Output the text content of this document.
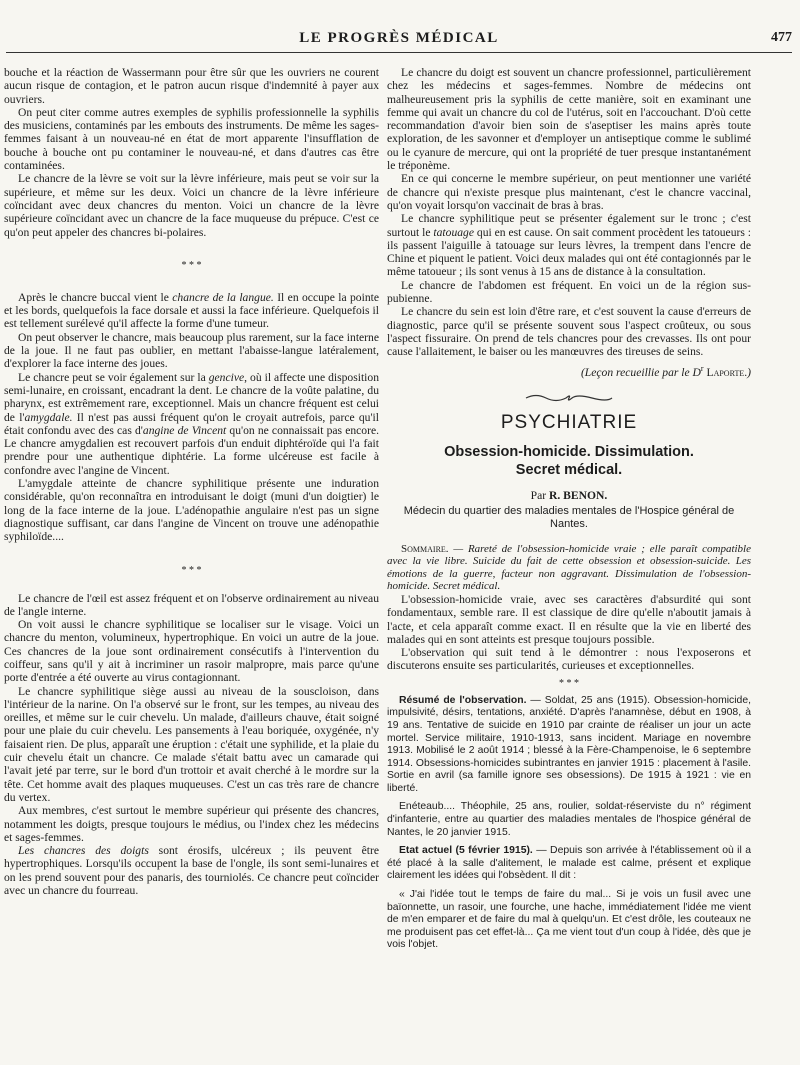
LE PROGRÈS MÉDICAL	477

bouche et la réaction de Wassermann pour être sûr que les ouvriers ne courent aucun risque de contagion, et le patron aucun risque d'indemnité à payer aux ouvriers.

On peut citer comme autres exemples de syphilis professionnelle la syphilis des musiciens, contaminés par les embouts des instruments. De même les sages-femmes faisant à un nouveau-né en état de mort apparente l'insufflation de bouche à bouche ont pu contaminer le nouveau-né, et dans d'autres cas être contaminées.

Le chancre de la lèvre se voit sur la lèvre inférieure, mais peut se voir sur la supérieure, et même sur les deux. Voici un chancre de la lèvre inférieure coïncidant avec deux chancres du menton. Voici un chancre de la lèvre supérieure coïncidant avec un chancre de la face muqueuse du prépuce. C'est ce qu'on peut appeler des chancres bi-polaires.

* * *

Après le chancre buccal vient le chancre de la langue. Il en occupe la pointe et les bords, quelquefois la face dorsale et aussi la face inférieure. Quelquefois il est tellement surélevé qu'il affecte la forme d'une tumeur.

On peut observer le chancre, mais beaucoup plus rarement, sur la face interne de la joue. Il ne faut pas oublier, en mettant l'abaisse-langue latéralement, d'explorer la face interne des joues.

Le chancre peut se voir également sur la gencive, où il affecte une disposition semi-lunaire, en croissant, encadrant la dent. Le chancre de la voûte palatine, du pharynx, est extrêmement rare, exceptionnel. Mais un chancre fréquent est celui de l'amygdale. Il n'est pas aussi fréquent qu'on le croyait autrefois, parce qu'il était confondu avec des cas d'angine de Vincent qu'on ne connaissait pas encore. Le chancre amygdalien est recouvert parfois d'un enduit diphtéroïde qui l'a fait prendre pour une authentique diphtérie. La forme ulcéreuse est facile à confondre avec l'angine de Vincent.

L'amygdale atteinte de chancre syphilitique présente une induration considérable, qu'on reconnaîtra en introduisant le doigt (muni d'un doigtier) le long de la face interne de la joue. L'adénopathie angulaire n'est pas un signe diagnostique suffisant, car dans l'angine de Vincent on trouve une adénopathie syphiloïde....

* * *

Le chancre de l'œil est assez fréquent et on l'observe ordinairement au niveau de l'angle interne.

On voit aussi le chancre syphilitique se localiser sur le visage. Voici un chancre du menton, volumineux, hypertrophique. En voici un autre de la joue. Ces chancres de la joue sont ordinairement consécutifs à l'intervention du coiffeur, sans qu'il y ait à incriminer un rasoir malpropre, mais parce qu'une porte d'entrée a été ouverte au virus contagionnant.

Le chancre syphilitique siège aussi au niveau de la souscloison, dans l'intérieur de la narine. On l'a observé sur le front, sur les tempes, au niveau des oreilles, et même sur le cuir chevelu. Un malade, d'ailleurs chauve, était soigné pour une plaie du cuir chevelu. Les pansements à l'eau boriquée, oxygénée, n'y faisaient rien. De plus, apparaît une éruption : c'était une syphilide, et la plaie du cuir chevelu était un chancre. Ce malade s'était battu avec un camarade qui l'avait jeté par terre, sur le bord d'un trottoir et avait cherché à le mordre sur la tête. Cet homme avait des plaques muqueuses. C'est un cas très rare de chancre du vertex.

Aux membres, c'est surtout le membre supérieur qui présente des chancres, notamment les doigts, presque toujours le médius, ou l'index chez les médecins et sages-femmes.

Les chancres des doigts sont érosifs, ulcéreux ; ils peuvent être hypertrophiques. Lorsqu'ils occupent la base de l'ongle, ils sont semi-lunaires et on les prend souvent pour des panaris, des tourniolés. Ce chancre peut coïncider avec un chancre du fourreau.

Le chancre du doigt est souvent un chancre professionnel, particulièrement chez les médecins et sages-femmes. Nombre de médecins ont malheureusement pris la syphilis de cette manière, soit en examinant une femme qui avait un chancre du col de l'utérus, soit en l'accouchant. D'où cette recommandation d'avoir bien soin de s'aseptiser les mains après toute exploration, de les savonner et d'employer un antiseptique comme le sublimé ou le cyanure de mercure, qui ont la propriété de tuer presque instantanément le tréponème.

En ce qui concerne le membre supérieur, on peut mentionner une variété de chancre qui n'existe presque plus maintenant, c'est le chancre vaccinal, qu'on voyait lorsqu'on vaccinait de bras à bras.

Le chancre syphilitique peut se présenter également sur le tronc ; c'est surtout le tatouage qui en est cause. On sait comment procèdent les tatoueurs : ils passent l'aiguille à tatouage sur leurs lèvres, la trempent dans l'encre de Chine et piquent le patient. Voici deux malades qui ont été contagionnés par le même tatoueur ; ils sont venus à 15 ans de distance à la consultation.

Le chancre de l'abdomen est fréquent. En voici un de la région sus-pubienne.

Le chancre du sein est loin d'être rare, et c'est souvent la cause d'erreurs de diagnostic, parce qu'il se présente souvent sous l'aspect croûteux, ou sous l'aspect fissuraire. On prend de tels chancres pour des crevasses. Ils ont pour cause l'allaitement, le baiser ou les manœuvres des tireuses de seins.

(Leçon recueillie par le $D^r$ Laporte.)
PSYCHIATRIE
Obsession-homicide. Dissimulation.
Secret médical.
Par R. BENON.
Médecin du quartier des maladies mentales de l'Hospice général de Nantes.

Sommaire. — Rareté de l'obsession-homicide vraie ; elle paraît compatible avec la vie libre. Suicide du fait de cette obsession et obsession-suicide. Les émotions de la guerre, facteur non aggravant. Dissimulation de l'obsession-homicide. Secret médical.

L'obsession-homicide vraie, avec ses caractères d'absurdité qui sont fondamentaux, semble rare. Il est classique de dire qu'elle n'aboutit jamais à l'acte, et cela apparaît comme exact. Il en résulte que la vie en liberté des malades qui en sont atteints est presque toujours possible.

L'observation qui suit tend à le démontrer : nous l'exposerons et discuterons ensuite ses particularités, curieuses et exceptionnelles.

* * *

Résumé de l'observation. — Soldat, 25 ans (1915). Obsession-homicide, impulsivité, désirs, tentations, anxiété. D'après l'anamnèse, début en 1908, à 19 ans. Tentative de suicide en 1910 par crainte de réaliser un jour un acte mortel. Service militaire, 1910-1913, sans incident. Mariage en novembre 1913. Mobilisé le 2 août 1914 ; blessé à la Fère-Champenoise, le 6 septembre 1914. Obsessions-homicides subintrantes en janvier 1915 : placement à l'asile. Sortie en avril (sa famille ignore ses obsessions). De 1915 à 1921 : vie en liberté.

Enéteaub.... Théophile, 25 ans, roulier, soldat-réserviste du n° régiment d'infanterie, entre au quartier des maladies mentales de l'hospice général de Nantes, le 20 janvier 1915.

Etat actuel (5 février 1915). — Depuis son arrivée à l'établissement où il a été placé à la salle d'alitement, le malade est calme, présent et explique clairement les idées qui l'obsèdent. Il dit :

« J'ai l'idée tout le temps de faire du mal... Si je vois un fusil avec une baïonnette, un rasoir, une fourche, une hache, immédiatement l'idée me vient de m'en emparer et de faire du mal à quelqu'un. Et c'est drôle, les couteaux ne me produisent pas cet effet-là... Ça me vient tout d'un coup à l'idée, dès que je vois l'objet.
